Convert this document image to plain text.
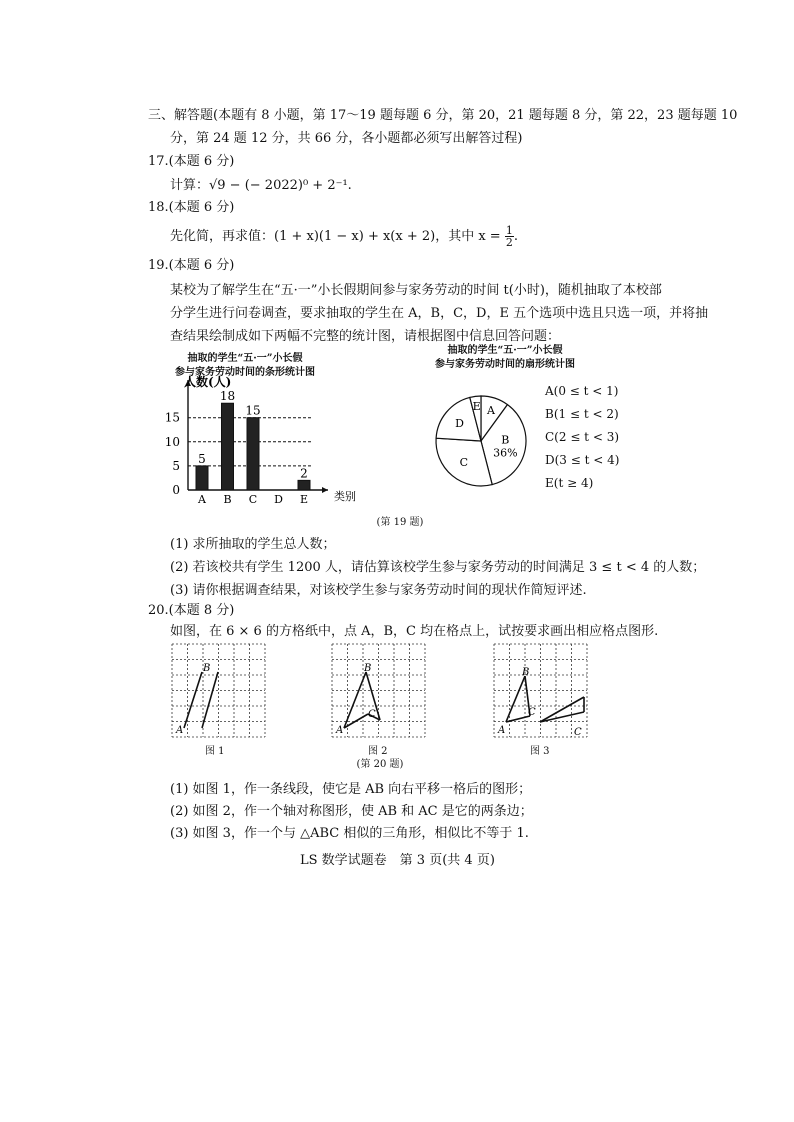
三、解答题(本题有 8 小题，第 17～19 题每题 6 分，第 20，21 题每题 8 分，第 22，23 题每题 10
分，第 24 题 12 分，共 66 分，各小题都必须写出解答过程)
17.(本题 6 分)
计算：√9 − (− 2022)⁰ + 2⁻¹.
18.(本题 6 分)
先化简，再求值：(1 + x)(1 − x) + x(x + 2)，其中 $x = \frac{1}{2}$ .
19.(本题 6 分)
某校为了解学生在“五·一”小长假期间参与家务劳动的时间 t(小时)，随机抽取了本校部
分学生进行问卷调查，要求抽取的学生在 A，B，C，D，E 五个选项中选且只选一项，并将抽
查结果绘制成如下两幅不完整的统计图，请根据图中信息回答问题：
抽取的学生“五·一”小长假
参与家务劳动时间的条形统计图
抽取的学生“五·一”小长假
参与家务劳动时间的扇形统计图
0
5
10
15
人数(人)
类别
A
5
B
18
C
15
D E
2
A
B
36%
C
D
E
A(0 ≤ t < 1)
B(1 ≤ t < 2)
C(2 ≤ t < 3)
D(3 ≤ t < 4)
E(t ≥ 4)
(第 19 题)
(1) 求所抽取的学生总人数；
(2) 若该校共有学生 1200 人，请估算该校学生参与家务劳动的时间满足 3 ≤ t < 4 的人数；
(3) 请你根据调查结果，对该校学生参与家务劳动时间的现状作简短评述.
20.(本题 8 分)
如图，在 6 × 6 的方格纸中，点 A，B，C 均在格点上，试按要求画出相应格点图形.
A
B
A
B
C
A
B
C
C
图 1	图 2	图 3
(第 20 题)
(1) 如图 1，作一条线段，使它是 AB 向右平移一格后的图形；
(2) 如图 2，作一个轴对称图形，使 AB 和 AC 是它的两条边；
(3) 如图 3，作一个与 △ABC 相似的三角形，相似比不等于 1.
LS 数学试题卷　第 3 页(共 4 页)
